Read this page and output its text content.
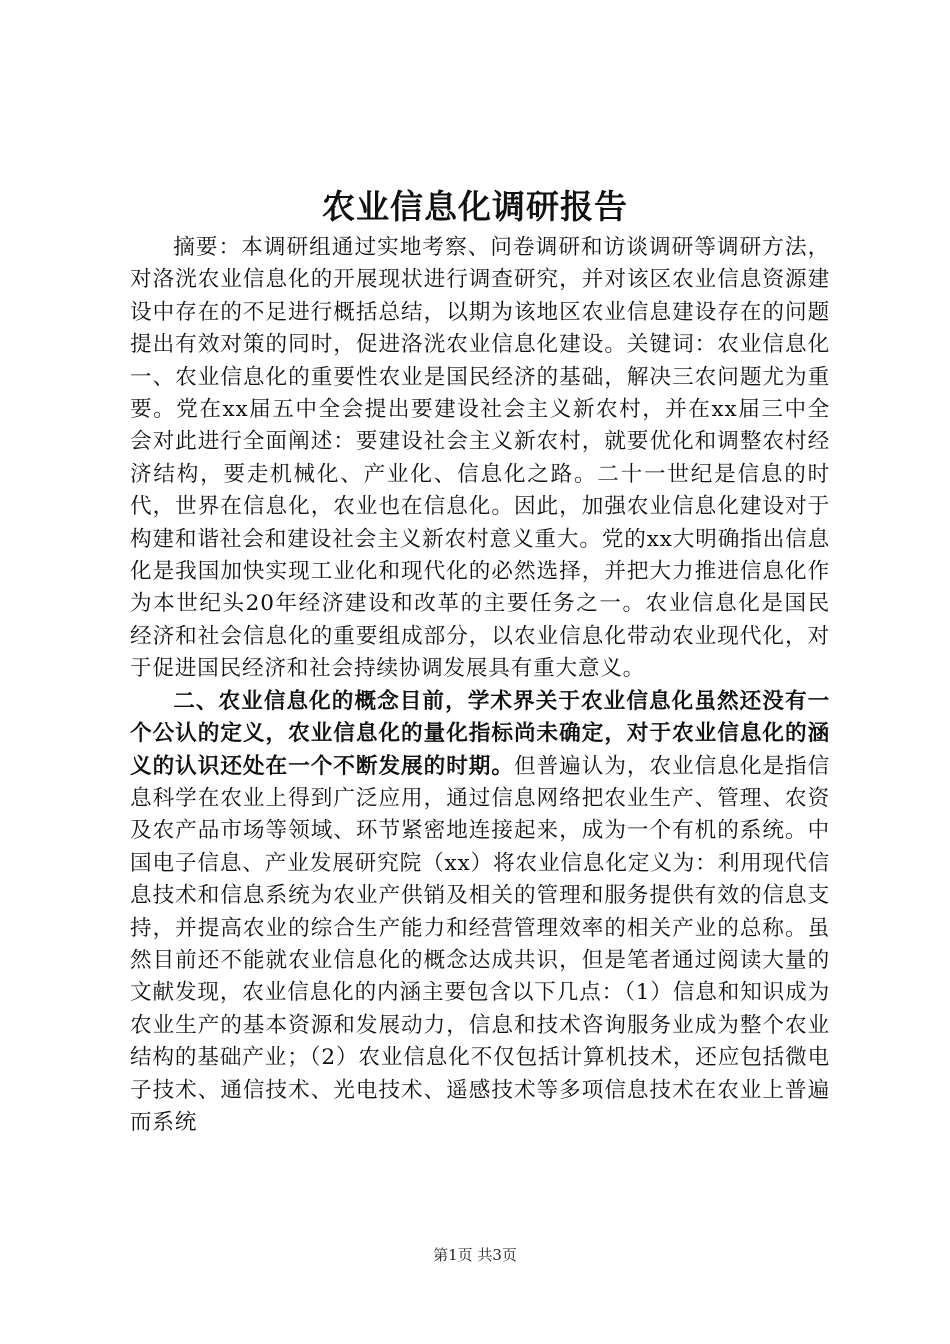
农业信息化调研报告

摘要：本调研组通过实地考察、问卷调研和访谈调研等调研方法，对洛洸农业信息化的开展现状进行调查研究，并对该区农业信息资源建设中存在的不足进行概括总结，以期为该地区农业信息建设存在的问题提出有效对策的同时，促进洛洸农业信息化建设。关键词：农业信息化一、农业信息化的重要性农业是国民经济的基础，解决三农问题尤为重要。党在xx届五中全会提出要建设社会主义新农村，并在xx届三中全会对此进行全面阐述：要建设社会主义新农村，就要优化和调整农村经济结构，要走机械化、产业化、信息化之路。二十一世纪是信息的时代，世界在信息化，农业也在信息化。因此，加强农业信息化建设对于构建和谐社会和建设社会主义新农村意义重大。党的xx大明确指出信息化是我国加快实现工业化和现代化的必然选择，并把大力推进信息化作为本世纪头20年经济建设和改革的主要任务之一。农业信息化是国民经济和社会信息化的重要组成部分，以农业信息化带动农业现代化，对于促进国民经济和社会持续协调发展具有重大意义。

二、农业信息化的概念目前，学术界关于农业信息化虽然还没有一个公认的定义，农业信息化的量化指标尚未确定，对于农业信息化的涵义的认识还处在一个不断发展的时期。但普遍认为，农业信息化是指信息科学在农业上得到广泛应用，通过信息网络把农业生产、管理、农资及农产品市场等领域、环节紧密地连接起来，成为一个有机的系统。中国电子信息、产业发展研究院（xx）将农业信息化定义为：利用现代信息技术和信息系统为农业产供销及相关的管理和服务提供有效的信息支持，并提高农业的综合生产能力和经营管理效率的相关产业的总称。虽然目前还不能就农业信息化的概念达成共识，但是笔者通过阅读大量的文献发现，农业信息化的内涵主要包含以下几点：（1）信息和知识成为农业生产的基本资源和发展动力，信息和技术咨询服务业成为整个农业结构的基础产业；（2）农业信息化不仅包括计算机技术，还应包括微电子技术、通信技术、光电技术、遥感技术等多项信息技术在农业上普遍而系统

第1页 共3页
